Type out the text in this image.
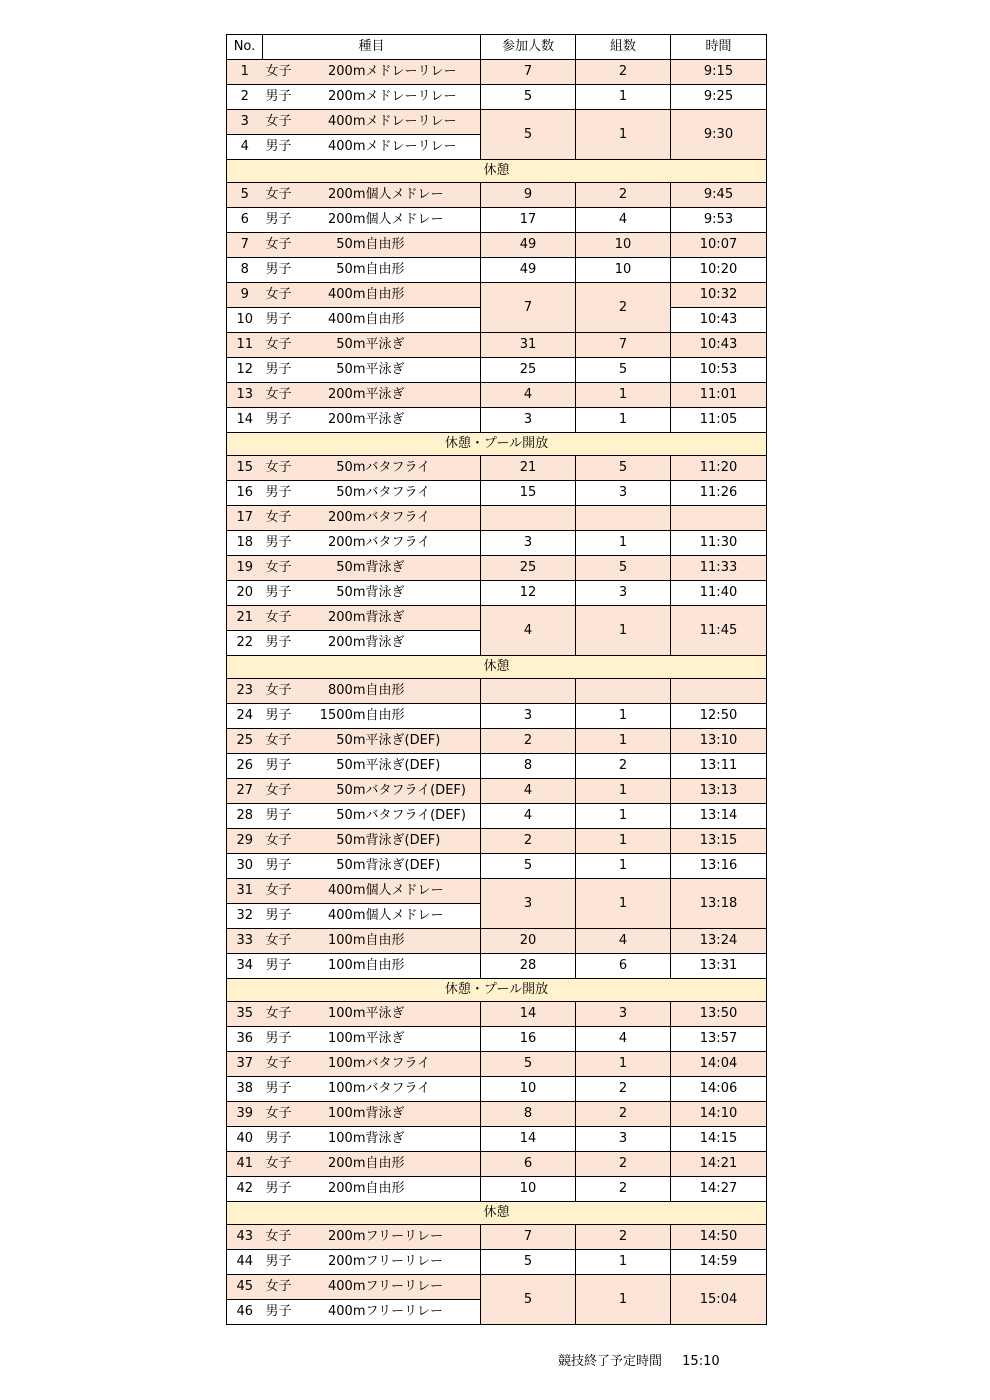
No.	種目	参加人数	組数	時間
1	女子 200mメドレーリレー	7	2	9:15
2	男子 200mメドレーリレー	5	1	9:25
3	女子 400mメドレーリレー	5	1	9:30
4	男子 400mメドレーリレー			
休憩				
5	女子 200m個人メドレー	9	2	9:45
6	男子 200m個人メドレー	17	4	9:53
7	女子 50m自由形	49	10	10:07
8	男子 50m自由形	49	10	10:20
9	女子 400m自由形	7	2	10:32
10	男子 400m自由形			10:43
11	女子 50m平泳ぎ	31	7	10:43
12	男子 50m平泳ぎ	25	5	10:53
13	女子 200m平泳ぎ	4	1	11:01
14	男子 200m平泳ぎ	3	1	11:05
休憩・プール開放				
15	女子 50mバタフライ	21	5	11:20
16	男子 50mバタフライ	15	3	11:26
17	女子 200mバタフライ			
18	男子 200mバタフライ	3	1	11:30
19	女子 50m背泳ぎ	25	5	11:33
20	男子 50m背泳ぎ	12	3	11:40
21	女子 200m背泳ぎ	4	1	11:45
22	男子 200m背泳ぎ			
休憩				
23	女子 800m自由形			
24	男子 1500m自由形	3	1	12:50
25	女子 50m平泳ぎ(DEF)	2	1	13:10
26	男子 50m平泳ぎ(DEF)	8	2	13:11
27	女子 50mバタフライ(DEF)	4	1	13:13
28	男子 50mバタフライ(DEF)	4	1	13:14
29	女子 50m背泳ぎ(DEF)	2	1	13:15
30	男子 50m背泳ぎ(DEF)	5	1	13:16
31	女子 400m個人メドレー	3	1	13:18
32	男子 400m個人メドレー			
33	女子 100m自由形	20	4	13:24
34	男子 100m自由形	28	6	13:31
休憩・プール開放				
35	女子 100m平泳ぎ	14	3	13:50
36	男子 100m平泳ぎ	16	4	13:57
37	女子 100mバタフライ	5	1	14:04
38	男子 100mバタフライ	10	2	14:06
39	女子 100m背泳ぎ	8	2	14:10
40	男子 100m背泳ぎ	14	3	14:15
41	女子 200m自由形	6	2	14:21
42	男子 200m自由形	10	2	14:27
休憩				
43	女子 200mフリーリレー	7	2	14:50
44	男子 200mフリーリレー	5	1	14:59
45	女子 400mフリーリレー	5	1	15:04
46	男子 400mフリーリレー			
競技終了予定時間 15:10
